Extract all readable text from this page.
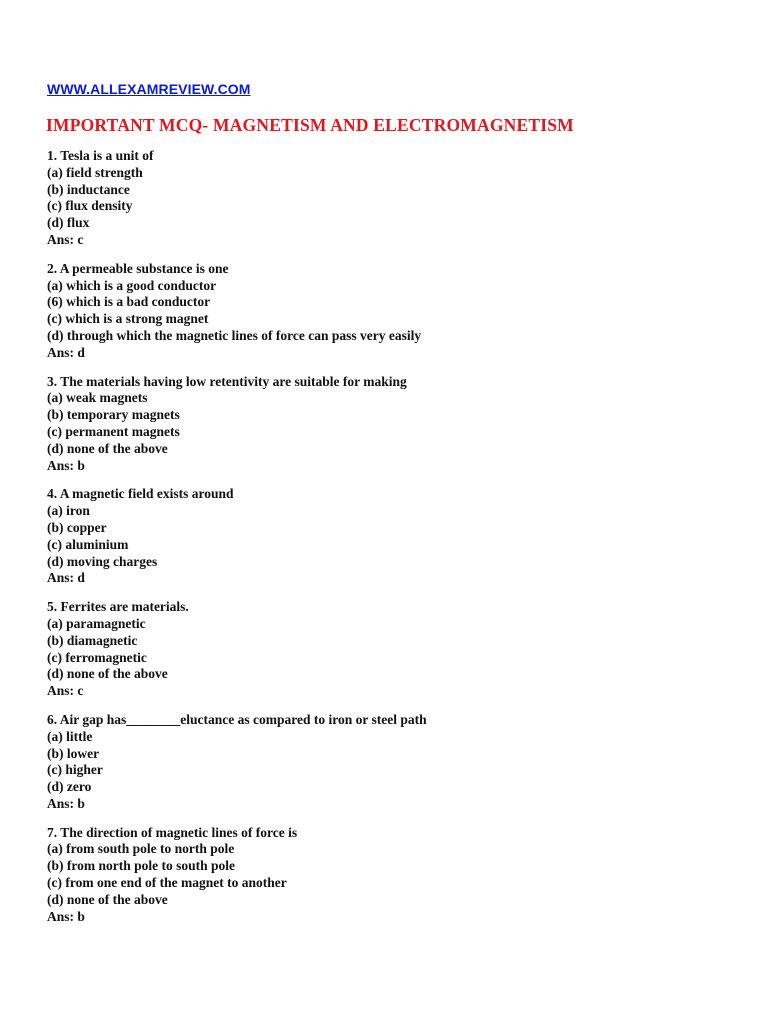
WWW.ALLEXAMREVIEW.COM
IMPORTANT MCQ- MAGNETISM AND ELECTROMAGNETISM
1. Tesla is a unit of
(a) field strength
(b) inductance
(c) flux density
(d) flux
Ans: c
2. A permeable substance is one
(a) which is a good conductor
(6) which is a bad conductor
(c) which is a strong magnet
(d) through which the magnetic lines of force can pass very easily
Ans: d
3. The materials having low retentivity are suitable for making
(a) weak magnets
(b) temporary magnets
(c) permanent magnets
(d) none of the above
Ans: b
4. A magnetic field exists around
(a) iron
(b) copper
(c) aluminium
(d) moving charges
Ans: d
5. Ferrites are materials.
(a) paramagnetic
(b) diamagnetic
(c) ferromagnetic
(d) none of the above
Ans: c
6. Air gap has________eluctance as compared to iron or steel path
(a) little
(b) lower
(c) higher
(d) zero
Ans: b
7. The direction of magnetic lines of force is
(a) from south pole to north pole
(b) from north pole to south pole
(c) from one end of the magnet to another
(d) none of the above
Ans: b
